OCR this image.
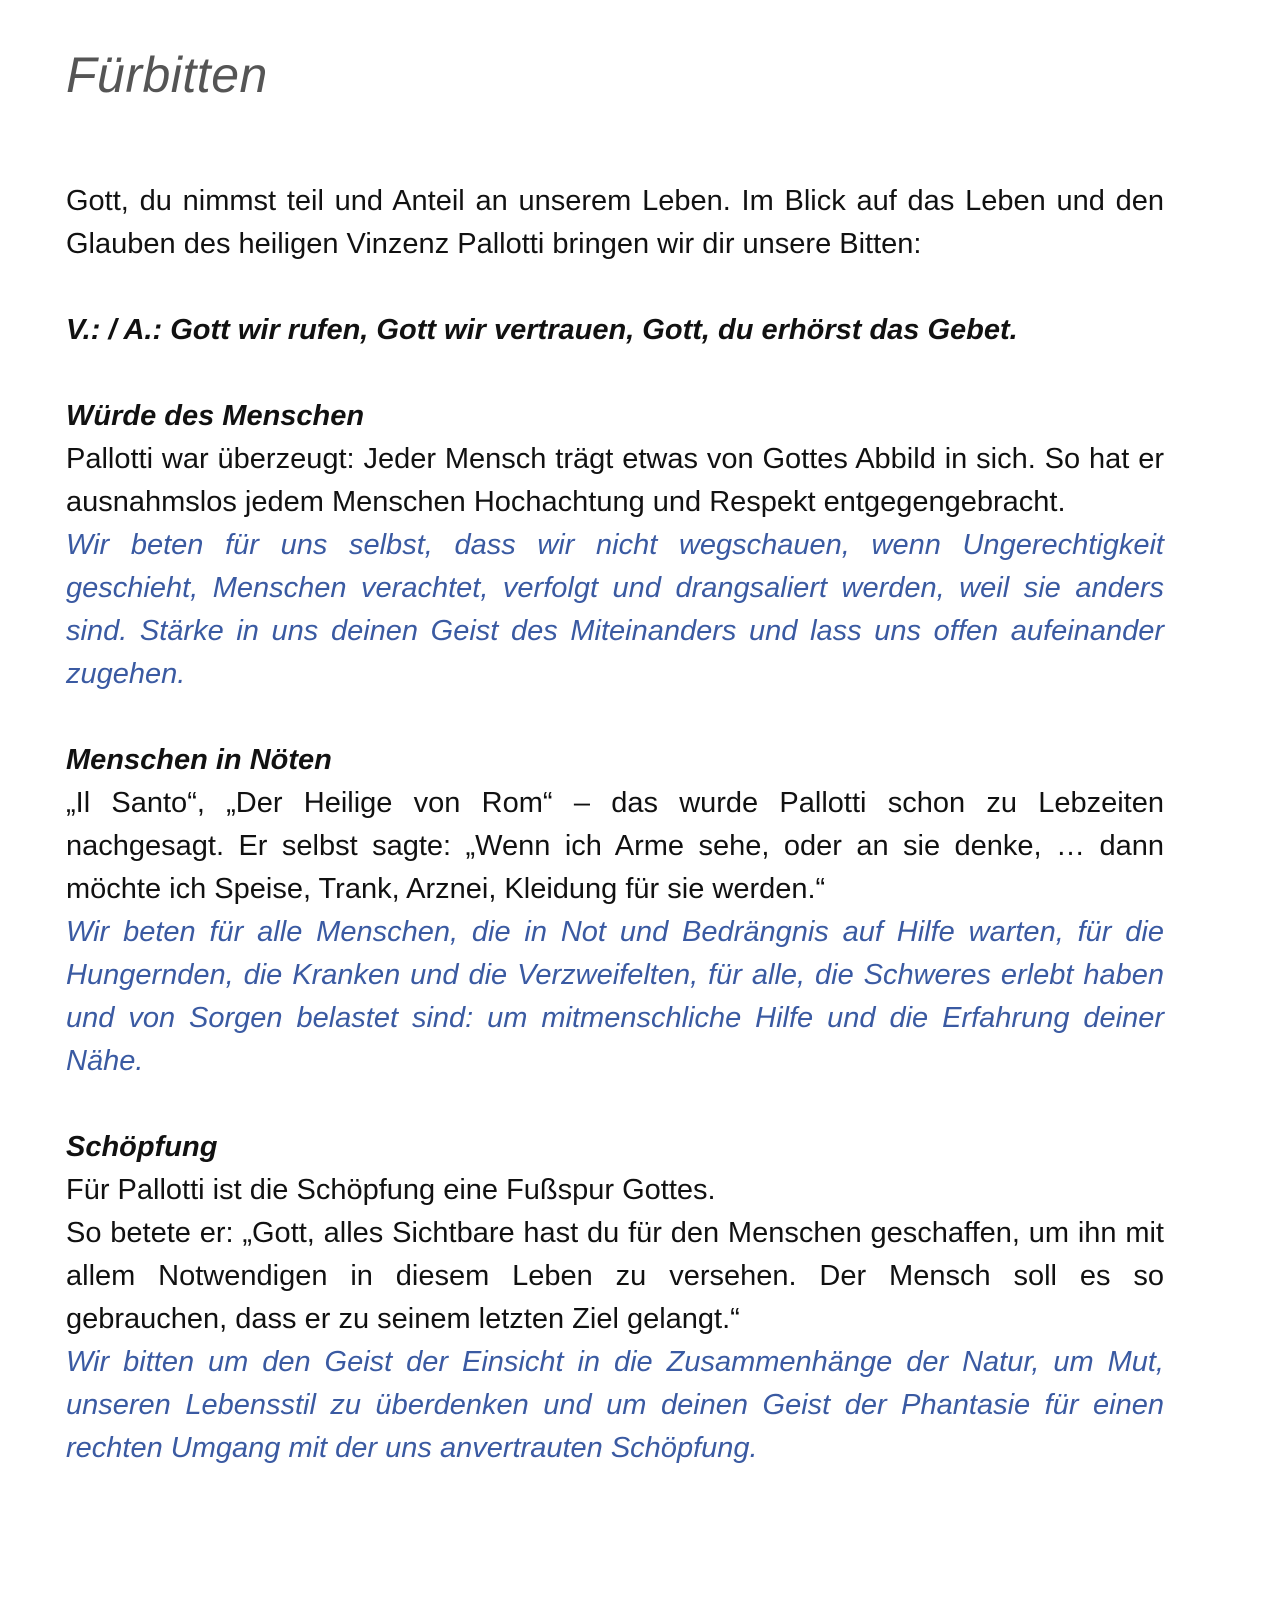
Fürbitten

Gott, du nimmst teil und Anteil an unserem Leben. Im Blick auf das Leben und den Glauben des heiligen Vinzenz Pallotti bringen wir dir unsere Bitten:

V.: / A.: Gott wir rufen, Gott wir vertrauen, Gott, du erhörst das Gebet.

Würde des Menschen

Pallotti war überzeugt: Jeder Mensch trägt etwas von Gottes Abbild in sich. So hat er ausnahmslos jedem Menschen Hochachtung und Respekt entgegengebracht.

Wir beten für uns selbst, dass wir nicht wegschauen, wenn Ungerechtigkeit geschieht, Menschen verachtet, verfolgt und drangsaliert werden, weil sie anders sind. Stärke in uns deinen Geist des Miteinanders und lass uns offen aufeinander zugehen.

Menschen in Nöten

„Il Santo“, „Der Heilige von Rom“ – das wurde Pallotti schon zu Lebzeiten nachgesagt. Er selbst sagte: „Wenn ich Arme sehe, oder an sie denke, … dann möchte ich Speise, Trank, Arznei, Kleidung für sie werden.“

Wir beten für alle Menschen, die in Not und Bedrängnis auf Hilfe warten, für die Hungernden, die Kranken und die Verzweifelten, für alle, die Schweres erlebt haben und von Sorgen belastet sind: um mitmenschliche Hilfe und die Erfahrung deiner Nähe.

Schöpfung

Für Pallotti ist die Schöpfung eine Fußspur Gottes.

So betete er: „Gott, alles Sichtbare hast du für den Menschen geschaffen, um ihn mit allem Notwendigen in diesem Leben zu versehen. Der Mensch soll es so gebrauchen, dass er zu seinem letzten Ziel gelangt.“

Wir bitten um den Geist der Einsicht in die Zusammenhänge der Natur, um Mut, unseren Lebensstil zu überdenken und um deinen Geist der Phantasie für einen rechten Umgang mit der uns anvertrauten Schöpfung.
